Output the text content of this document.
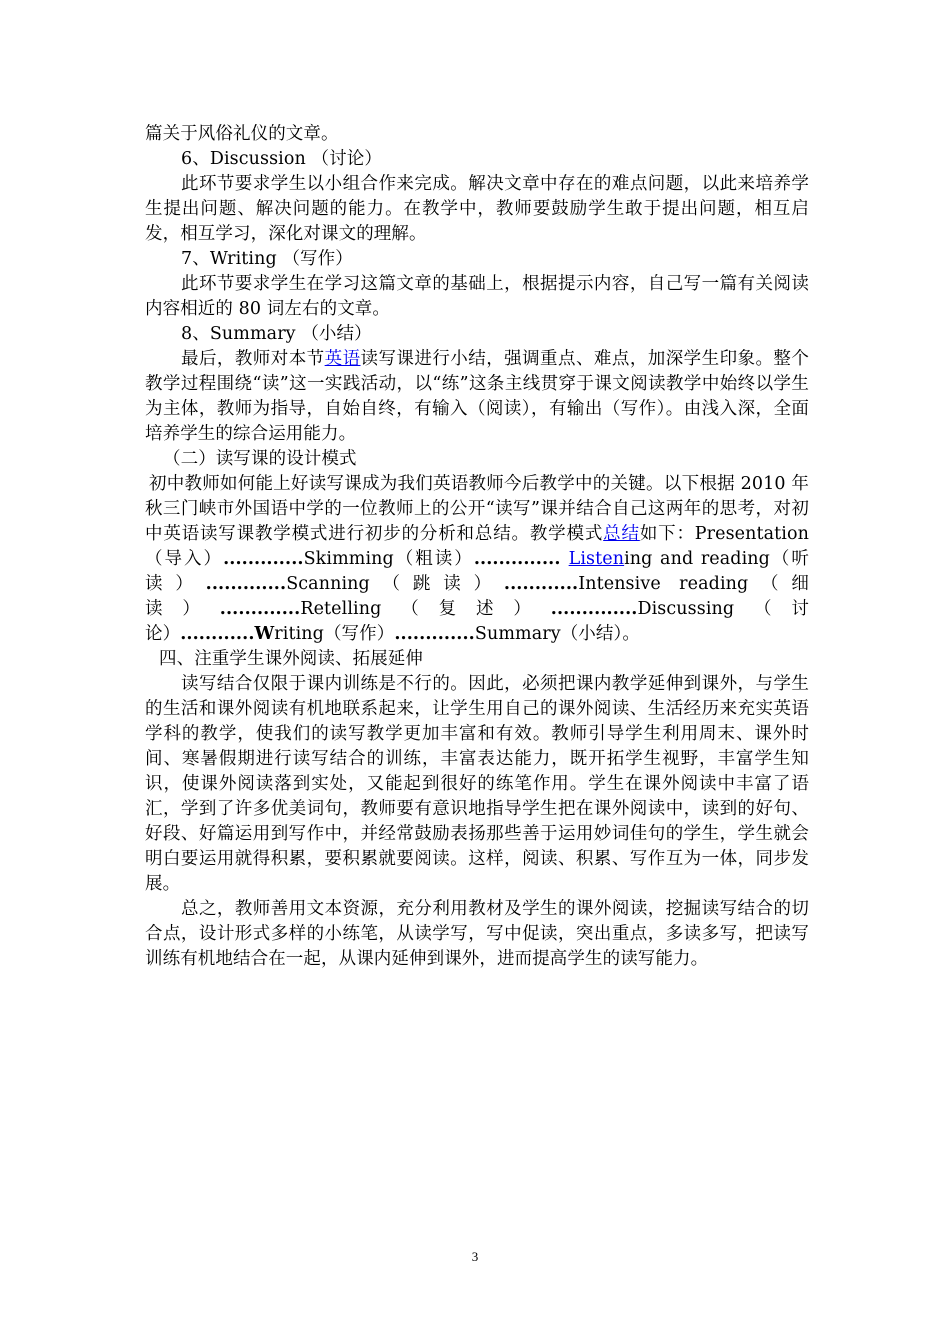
篇关于风俗礼仪的文章。

6、Discussion （讨论）

此环节要求学生以小组合作来完成。解决文章中存在的难点问题，以此来培养学生提出问题、解决问题的能力。在教学中，教师要鼓励学生敢于提出问题，相互启发，相互学习，深化对课文的理解。

7、Writing （写作）

此环节要求学生在学习这篇文章的基础上，根据提示内容，自己写一篇有关阅读内容相近的 80 词左右的文章。

8、Summary （小结）

最后，教师对本节英语读写课进行小结，强调重点、难点，加深学生印象。整个教学过程围绕“读”这一实践活动，以“练”这条主线贯穿于课文阅读教学中始终以学生为主体，教师为指导，自始自终，有输入（阅读），有输出（写作）。由浅入深，全面培养学生的综合运用能力。

（二）读写课的设计模式

初中教师如何能上好读写课成为我们英语教师今后教学中的关键。以下根据 2010 年秋三门峡市外国语中学的一位教师上的公开“读写”课并结合自己这两年的思考，对初中英语读写课教学模式进行初步的分析和总结。教学模式总结如下：Presentation（导入）.............Skimming（粗读）.............. Listening and reading（听读）.............Scanning（跳读）............Intensive reading（细读）.............Retelling（复述）..............Discussing（讨论）............Writing（写作）.............Summary（小结）。

四、注重学生课外阅读、拓展延伸

读写结合仅限于课内训练是不行的。因此，必须把课内教学延伸到课外，与学生的生活和课外阅读有机地联系起来，让学生用自己的课外阅读、生活经历来充实英语学科的教学，使我们的读写教学更加丰富和有效。教师引导学生利用周末、课外时间、寒暑假期进行读写结合的训练，丰富表达能力，既开拓学生视野，丰富学生知识，使课外阅读落到实处，又能起到很好的练笔作用。学生在课外阅读中丰富了语汇，学到了许多优美词句，教师要有意识地指导学生把在课外阅读中，读到的好句、好段、好篇运用到写作中，并经常鼓励表扬那些善于运用妙词佳句的学生，学生就会明白要运用就得积累，要积累就要阅读。这样，阅读、积累、写作互为一体，同步发展。

总之，教师善用文本资源，充分利用教材及学生的课外阅读，挖掘读写结合的切合点，设计形式多样的小练笔，从读学写，写中促读，突出重点，多读多写，把读写训练有机地结合在一起，从课内延伸到课外，进而提高学生的读写能力。

3
